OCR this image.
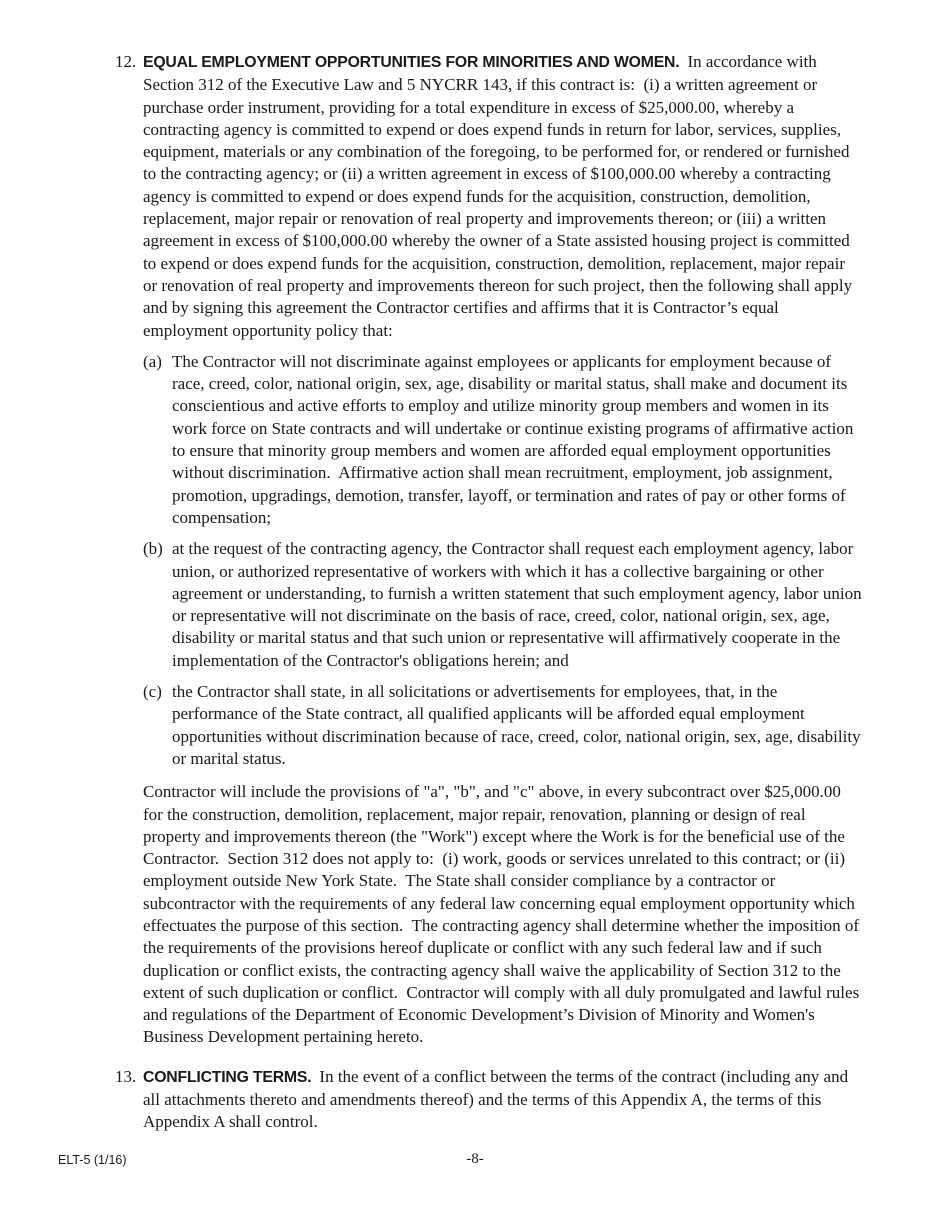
12. EQUAL EMPLOYMENT OPPORTUNITIES FOR MINORITIES AND WOMEN. In accordance with Section 312 of the Executive Law and 5 NYCRR 143, if this contract is:  (i) a written agreement or purchase order instrument, providing for a total expenditure in excess of $25,000.00, whereby a contracting agency is committed to expend or does expend funds in return for labor, services, supplies, equipment, materials or any combination of the foregoing, to be performed for, or rendered or furnished to the contracting agency; or (ii) a written agreement in excess of $100,000.00 whereby a contracting agency is committed to expend or does expend funds for the acquisition, construction, demolition, replacement, major repair or renovation of real property and improvements thereon; or (iii) a written agreement in excess of $100,000.00 whereby the owner of a State assisted housing project is committed to expend or does expend funds for the acquisition, construction, demolition, replacement, major repair or renovation of real property and improvements thereon for such project, then the following shall apply and by signing this agreement the Contractor certifies and affirms that it is Contractor’s equal employment opportunity policy that:

(a) The Contractor will not discriminate against employees or applicants for employment because of race, creed, color, national origin, sex, age, disability or marital status, shall make and document its conscientious and active efforts to employ and utilize minority group members and women in its work force on State contracts and will undertake or continue existing programs of affirmative action to ensure that minority group members and women are afforded equal employment opportunities without discrimination.  Affirmative action shall mean recruitment, employment, job assignment, promotion, upgradings, demotion, transfer, layoff, or termination and rates of pay or other forms of compensation;

(b) at the request of the contracting agency, the Contractor shall request each employment agency, labor union, or authorized representative of workers with which it has a collective bargaining or other agreement or understanding, to furnish a written statement that such employment agency, labor union or representative will not discriminate on the basis of race, creed, color, national origin, sex, age, disability or marital status and that such union or representative will affirmatively cooperate in the implementation of the Contractor's obligations herein; and

(c) the Contractor shall state, in all solicitations or advertisements for employees, that, in the performance of the State contract, all qualified applicants will be afforded equal employment opportunities without discrimination because of race, creed, color, national origin, sex, age, disability or marital status.

Contractor will include the provisions of "a", "b", and "c" above, in every subcontract over $25,000.00 for the construction, demolition, replacement, major repair, renovation, planning or design of real property and improvements thereon (the "Work") except where the Work is for the beneficial use of the Contractor.  Section 312 does not apply to:  (i) work, goods or services unrelated to this contract; or (ii) employment outside New York State.  The State shall consider compliance by a contractor or subcontractor with the requirements of any federal law concerning equal employment opportunity which effectuates the purpose of this section.  The contracting agency shall determine whether the imposition of the requirements of the provisions hereof duplicate or conflict with any such federal law and if such duplication or conflict exists, the contracting agency shall waive the applicability of Section 312 to the extent of such duplication or conflict.  Contractor will comply with all duly promulgated and lawful rules and regulations of the Department of Economic Development’s Division of Minority and Women's Business Development pertaining hereto.

13. CONFLICTING TERMS. In the event of a conflict between the terms of the contract (including any and all attachments thereto and amendments thereof) and the terms of this Appendix A, the terms of this Appendix A shall control.

ELT-5 (1/16)	-8-
